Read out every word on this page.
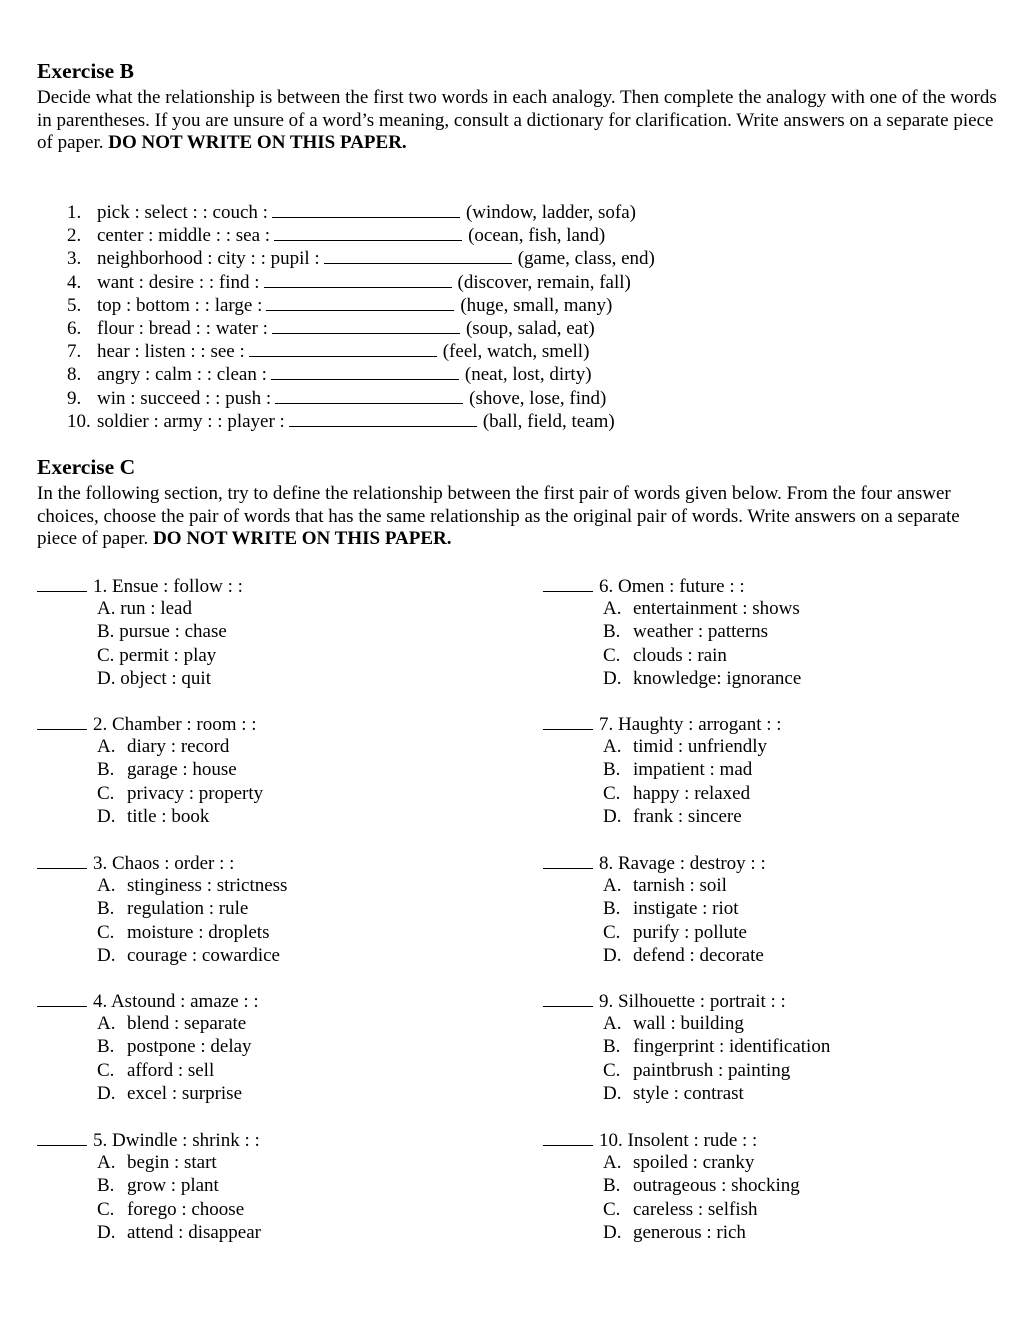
Exercise B
Decide what the relationship is between the first two words in each analogy. Then complete the analogy with one of the words in parentheses. If you are unsure of a word’s meaning, consult a dictionary for clarification. Write answers on a separate piece of paper. DO NOT WRITE ON THIS PAPER.
1. pick : select : : couch :	(window, ladder, sofa)
2. center : middle : : sea :	(ocean, fish, land)
3. neighborhood : city : : pupil :	(game, class, end)
4. want : desire : : find :	(discover, remain, fall)
5. top : bottom : : large :	(huge, small, many)
6. flour : bread : : water :	(soup, salad, eat)
7. hear : listen : : see :	(feel, watch, smell)
8. angry : calm : : clean :	(neat, lost, dirty)
9. win : succeed : : push :	(shove, lose, find)
10. soldier : army : : player :	(ball, field, team)
Exercise C
In the following section, try to define the relationship between the first pair of words given below. From the four answer choices, choose the pair of words that has the same relationship as the original pair of words. Write answers on a separate piece of paper. DO NOT WRITE ON THIS PAPER.
1. Ensue : follow : :
A. run : lead
B. pursue : chase
C. permit : play
D. object : quit
2. Chamber : room : :
A. diary : record
B. garage : house
C. privacy : property
D. title : book
3. Chaos : order : :
A. stinginess : strictness
B. regulation : rule
C. moisture : droplets
D. courage : cowardice
4. Astound : amaze : :
A. blend : separate
B. postpone : delay
C. afford : sell
D. excel : surprise
5. Dwindle : shrink : :
A. begin : start
B. grow : plant
C. forego : choose
D. attend : disappear
6. Omen : future : :
A. entertainment : shows
B. weather : patterns
C. clouds : rain
D. knowledge: ignorance
7. Haughty : arrogant : :
A. timid : unfriendly
B. impatient : mad
C. happy : relaxed
D. frank : sincere
8. Ravage : destroy : :
A. tarnish : soil
B. instigate : riot
C. purify : pollute
D. defend : decorate
9. Silhouette : portrait : :
A. wall : building
B. fingerprint : identification
C. paintbrush : painting
D. style : contrast
10. Insolent : rude : :
A. spoiled : cranky
B. outrageous : shocking
C. careless : selfish
D. generous : rich
